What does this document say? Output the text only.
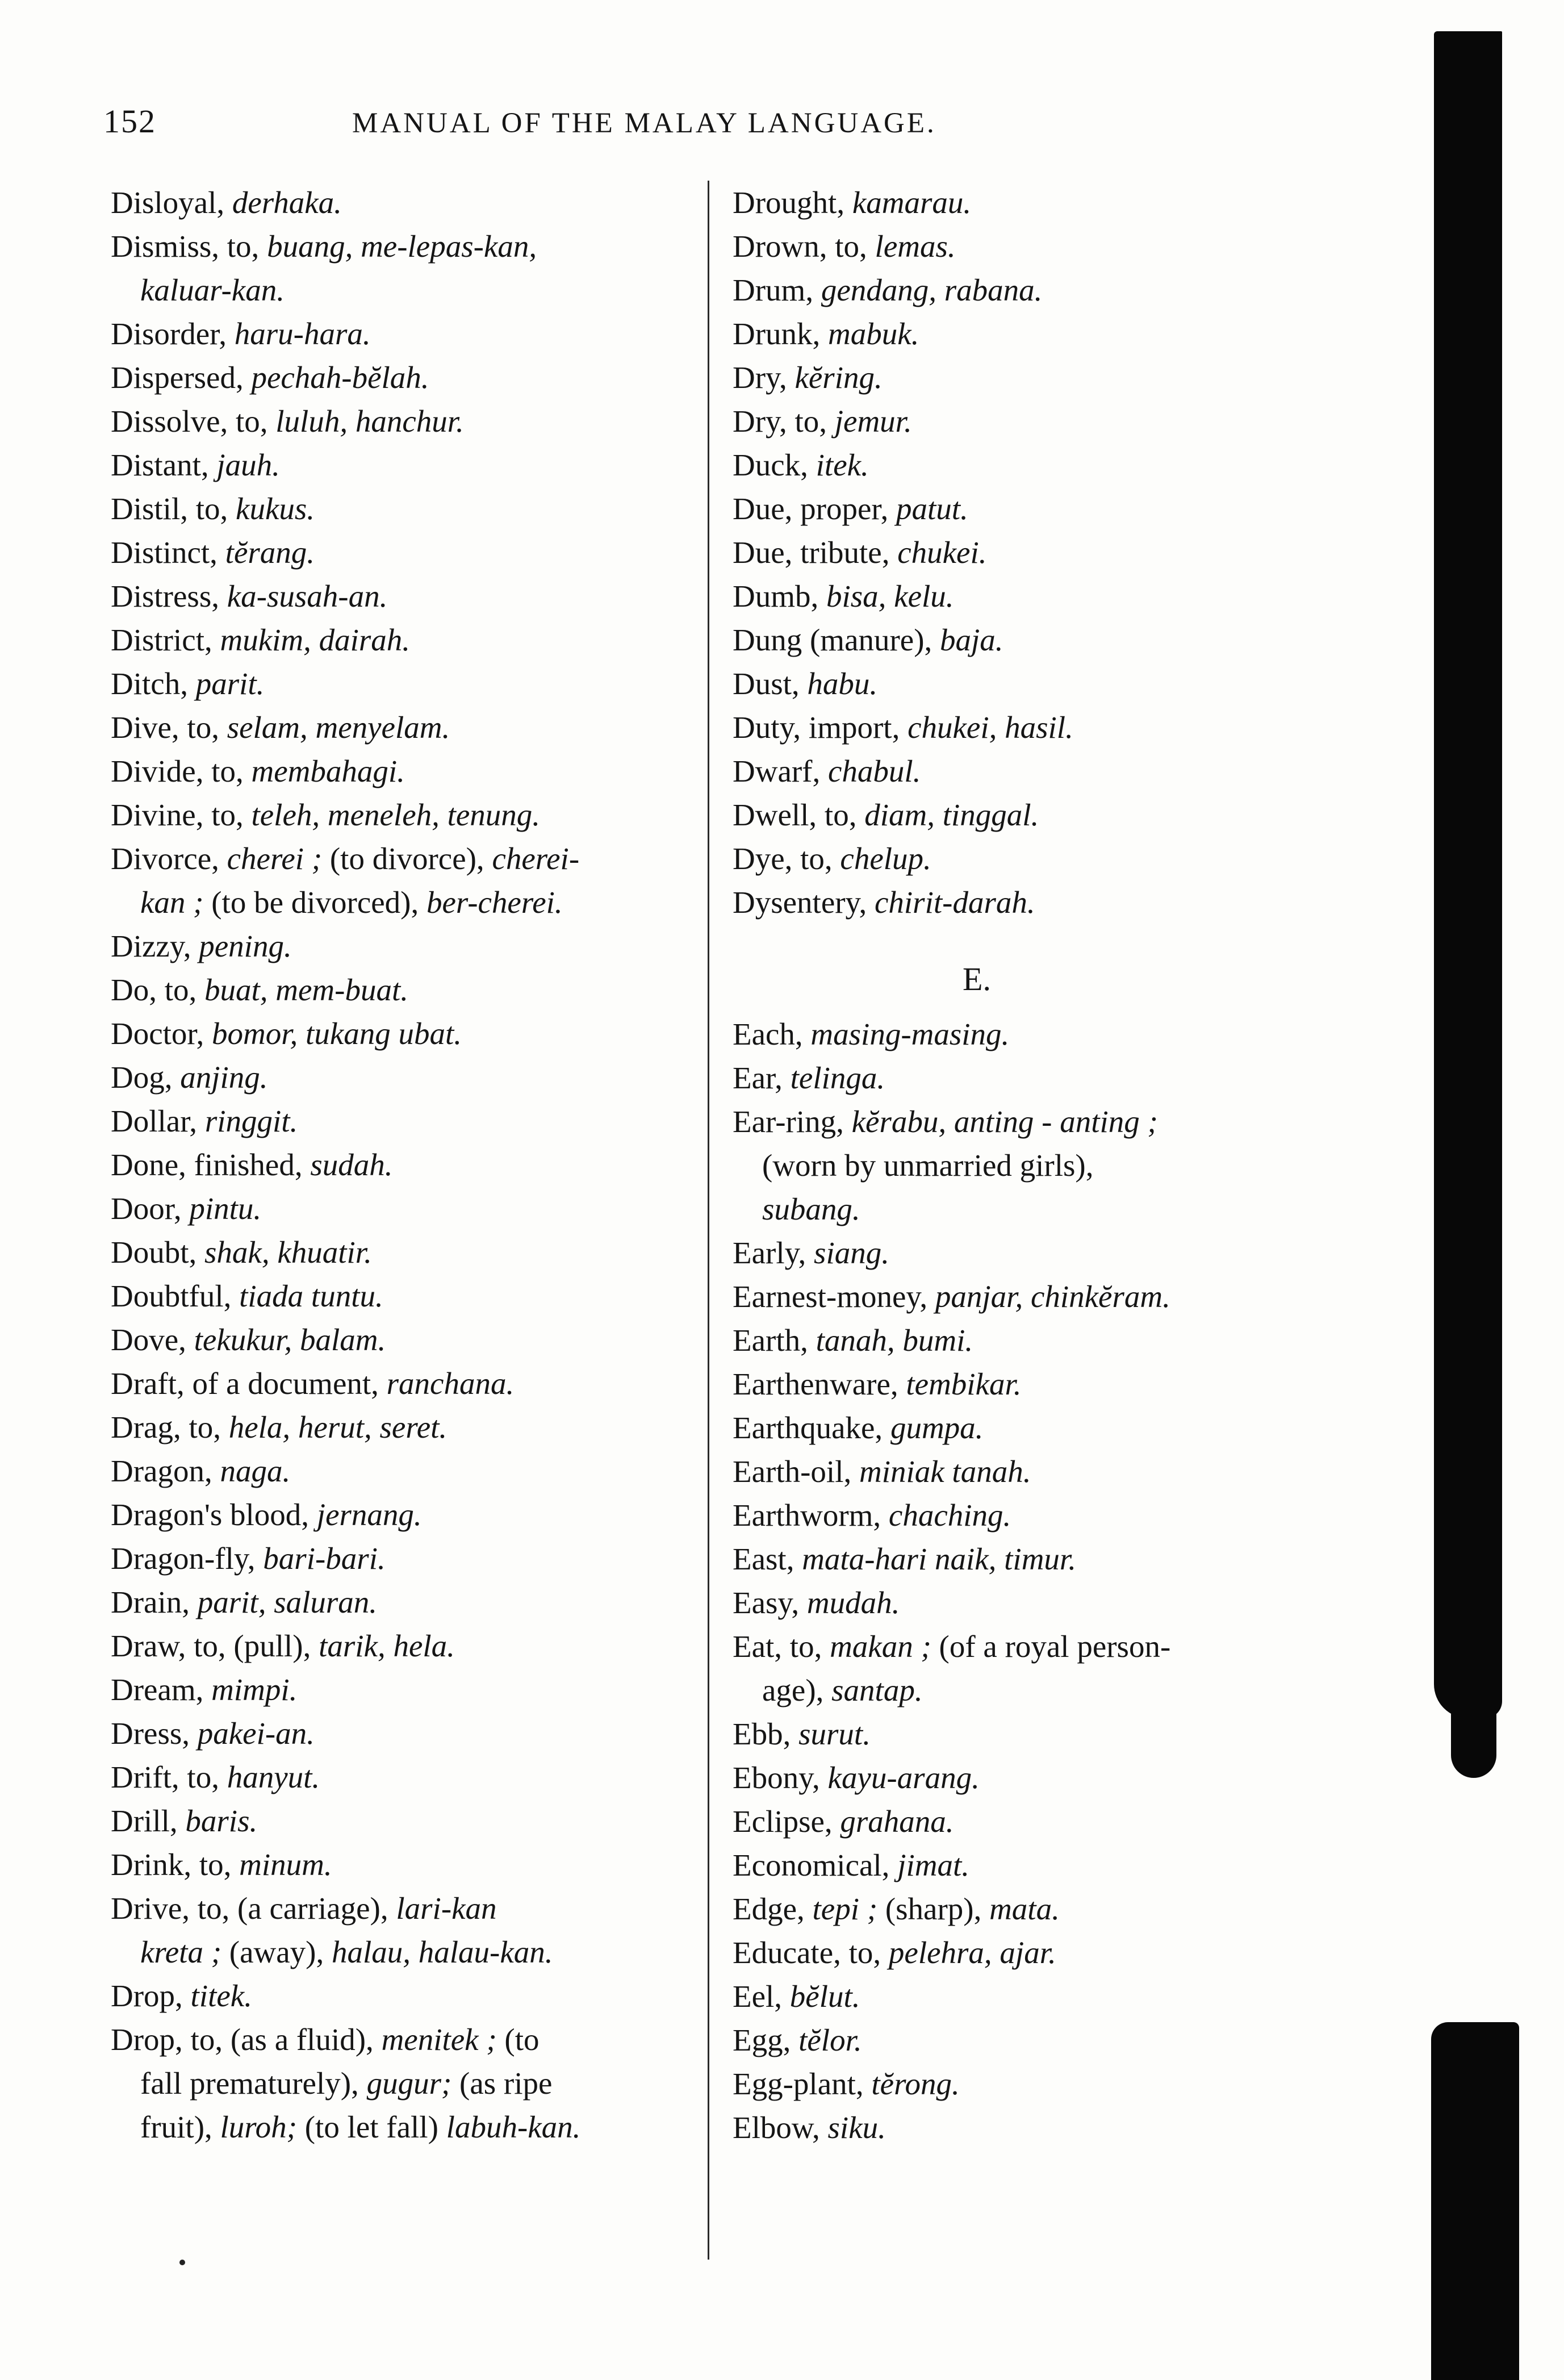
152	MANUAL OF THE MALAY LANGUAGE.

Disloyal, derhaka.

Dismiss, to, buang, me-lepas-kan,
kaluar-kan.

Disorder, haru-hara.

Dispersed, pechah-bĕlah.

Dissolve, to, luluh, hanchur.

Distant, jauh.

Distil, to, kukus.

Distinct, tĕrang.

Distress, ka-susah-an.

District, mukim, dairah.

Ditch, parit.

Dive, to, selam, menyelam.

Divide, to, membahagi.

Divine, to, teleh, meneleh, tenung.

Divorce, cherei ; (to divorce), cherei-

kan ; (to be divorced), ber-cherei.

Dizzy, pening.

Do, to, buat, mem-buat.

Doctor, bomor, tukang ubat.

Dog, anjing.

Dollar, ringgit.

Done, finished, sudah.

Door, pintu.

Doubt, shak, khuatir.

Doubtful, tiada tuntu.

Dove, tekukur, balam.

Draft, of a document, ranchana.

Drag, to, hela, herut, seret.

Dragon, naga.

Dragon's blood, jernang.

Dragon-fly, bari-bari.

Drain, parit, saluran.

Draw, to, (pull), tarik, hela.

Dream, mimpi.

Dress, pakei-an.

Drift, to, hanyut.

Drill, baris.

Drink, to, minum.

Drive, to, (a carriage), lari-kan

kreta ; (away), halau, halau-kan.

Drop, titek.

Drop, to, (as a fluid), menitek ; (to

fall prematurely), gugur; (as ripe

fruit), luroh; (to let fall) labuh-kan.

Drought, kamarau.

Drown, to, lemas.

Drum, gendang, rabana.

Drunk, mabuk.

Dry, kĕring.

Dry, to, jemur.

Duck, itek.

Due, proper, patut.

Due, tribute, chukei.

Dumb, bisa, kelu.

Dung (manure), baja.

Dust, habu.

Duty, import, chukei, hasil.

Dwarf, chabul.

Dwell, to, diam, tinggal.

Dye, to, chelup.

Dysentery, chirit-darah.

E.

Each, masing-masing.

Ear, telinga.

Ear-ring, kĕrabu, anting - anting ;

(worn by unmarried girls),

subang.

Early, siang.

Earnest-money, panjar, chinkĕram.

Earth, tanah, bumi.

Earthenware, tembikar.

Earthquake, gumpa.

Earth-oil, miniak tanah.

Earthworm, chaching.

East, mata-hari naik, timur.

Easy, mudah.

Eat, to, makan ; (of a royal person-

age), santap.

Ebb, surut.

Ebony, kayu-arang.

Eclipse, grahana.

Economical, jimat.

Edge, tepi ; (sharp), mata.

Educate, to, pelehra, ajar.

Eel, bĕlut.

Egg, tĕlor.

Egg-plant, tĕrong.

Elbow, siku.
